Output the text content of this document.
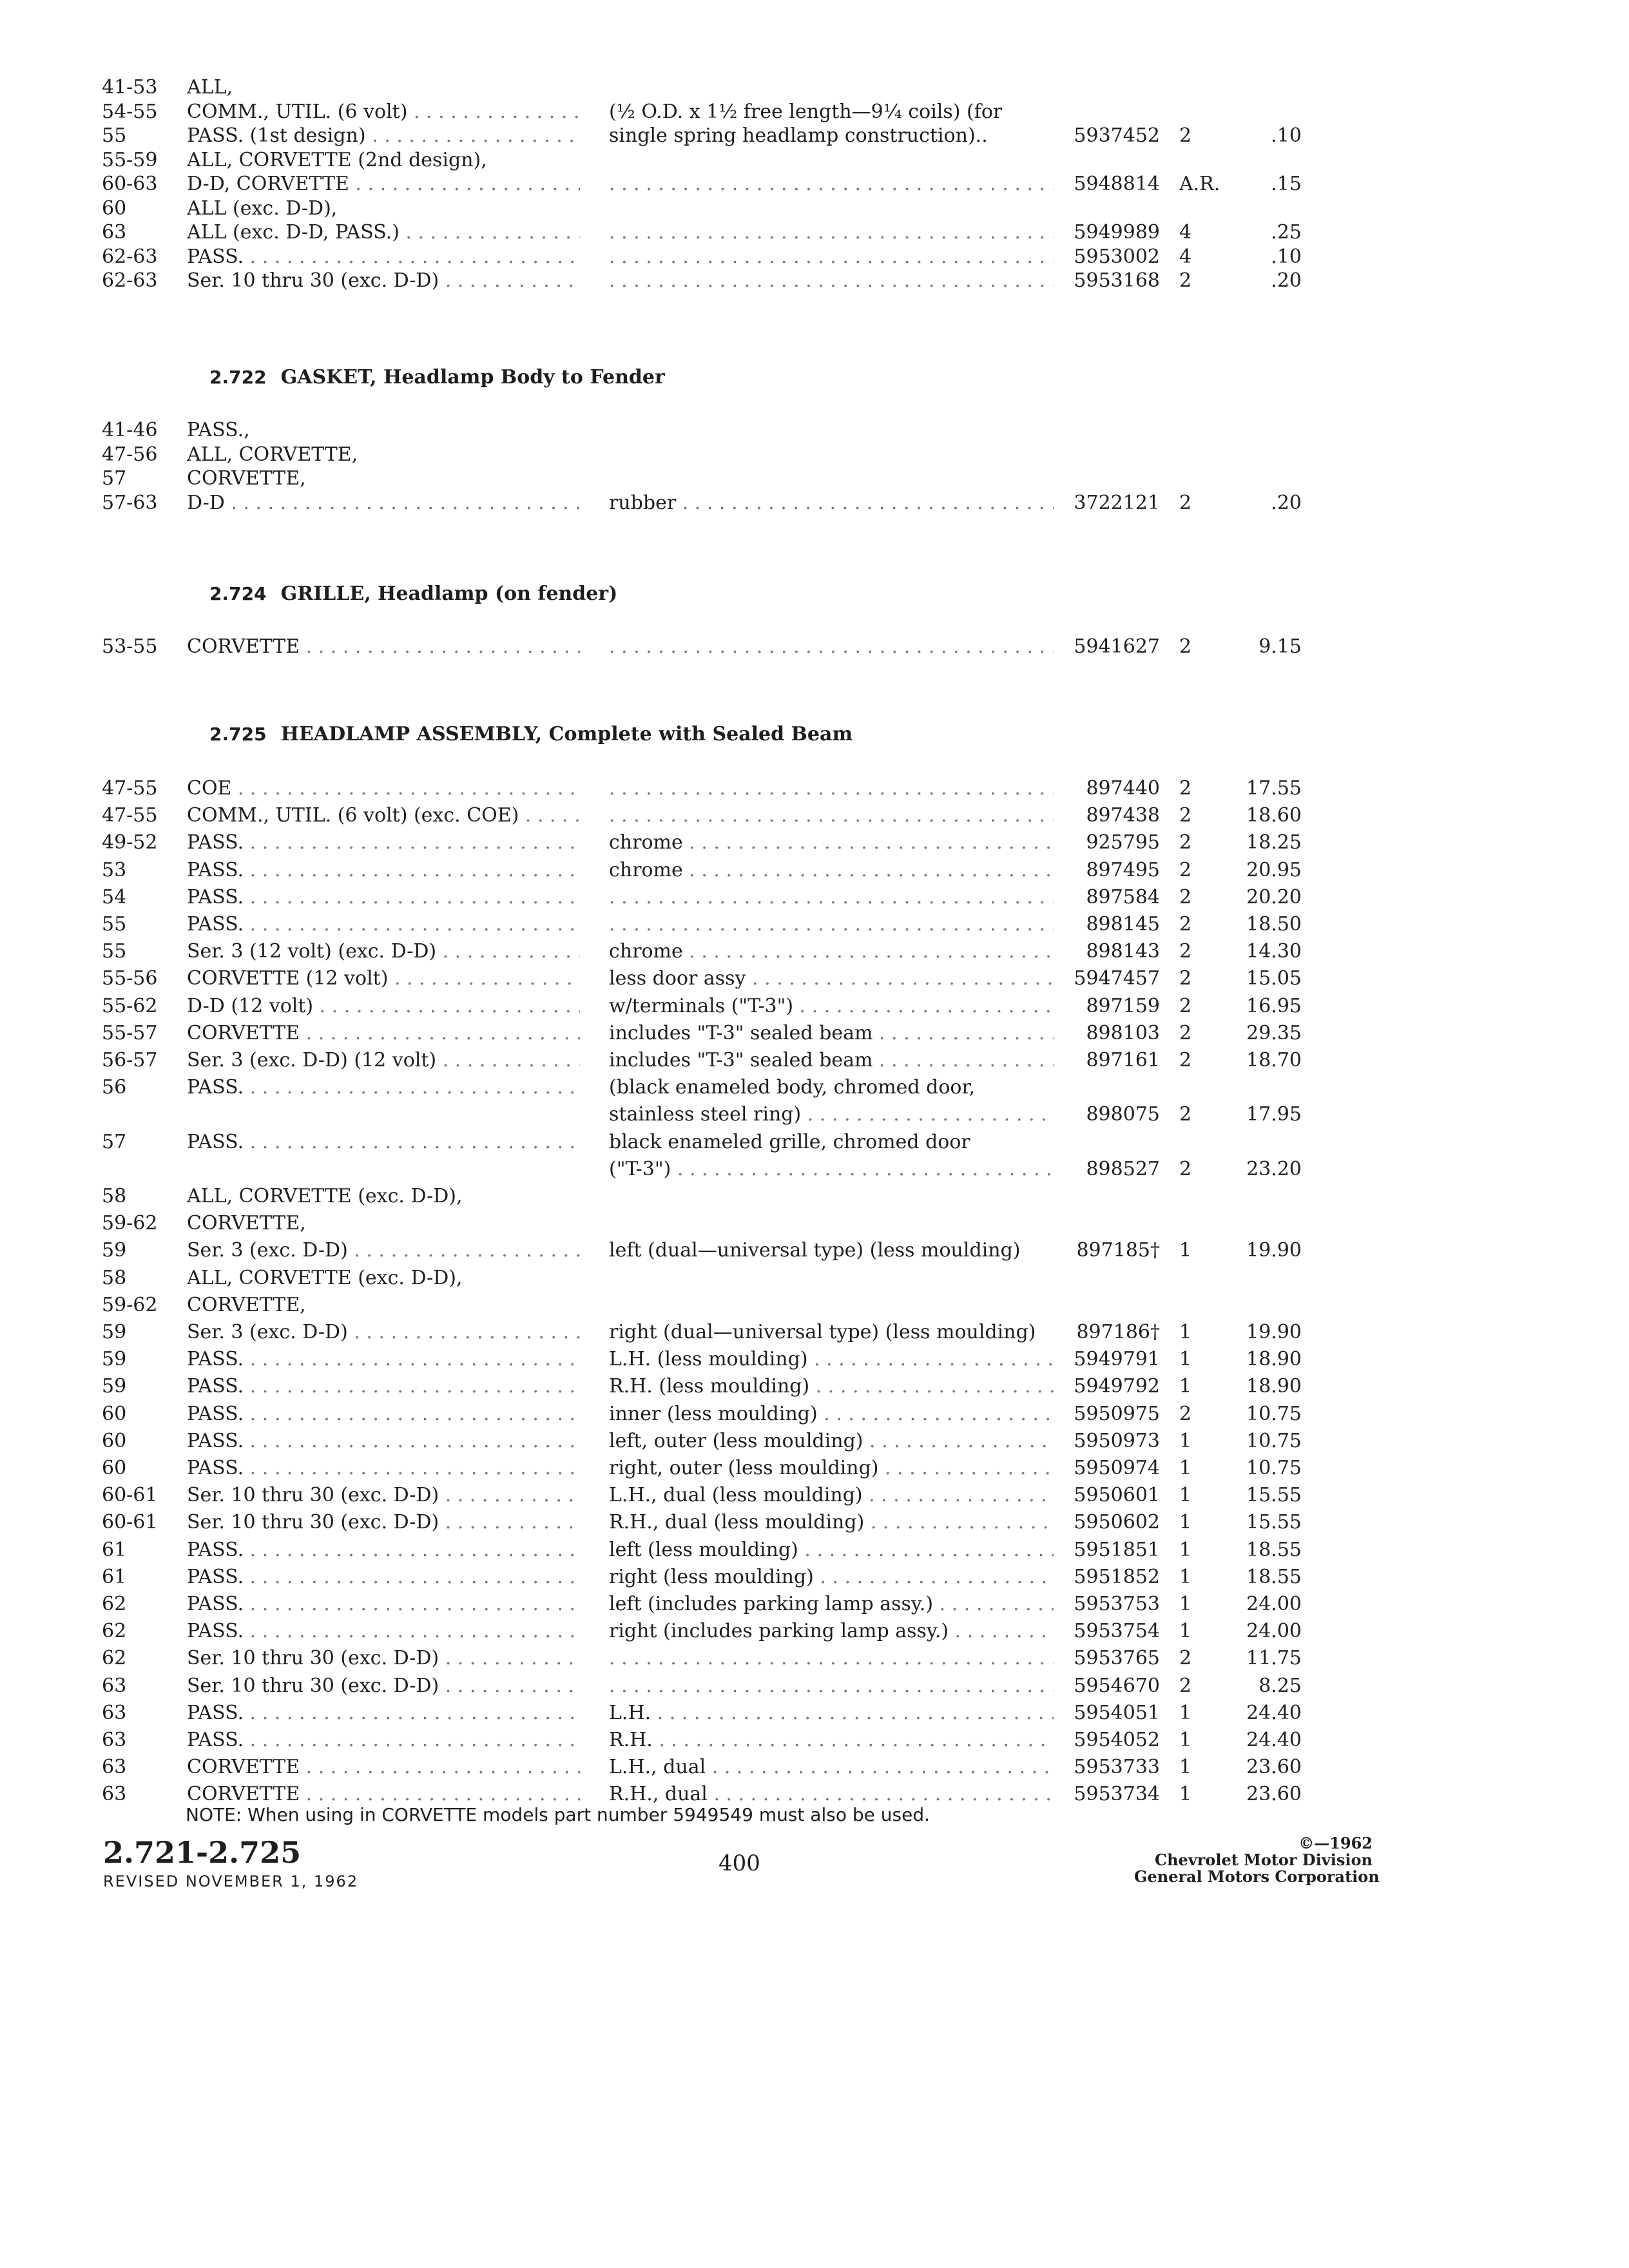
41-53	ALL,
54-55	COMM., UTIL. (6 volt) . . .	(½ O.D. x 1½ free length—9¼ coils) (for
55	PASS. (1st design) . . .	single spring headlamp construction)..	5937452 2	.10
55-59	ALL, CORVETTE (2nd design),
60-63	D-D, CORVETTE . . . . . .	5948814 A.R.	.15
60	ALL (exc. D-D),
63	ALL (exc. D-D, PASS.) . . . . . .	5949989 4	.25
62-63	PASS. . . . . . .	5953002 4	.10
62-63	Ser. 10 thru 30 (exc. D-D) . . . . . .	5953168 2	.20
2.722 GASKET, Headlamp Body to Fender
41-46	PASS.,
47-56	ALL, CORVETTE,
57	CORVETTE,
57-63	D-D . . .	rubber . . .	3722121 2	.20
2.724 GRILLE, Headlamp (on fender)
53-55	CORVETTE . . . . . .	5941627 2	9.15
2.725 HEADLAMP ASSEMBLY, Complete with Sealed Beam
47-55	COE . . . . . .	897440 2	17.55
47-55	COMM., UTIL. (6 volt) (exc. COE) . . . . . .	897438 2	18.60
49-52	PASS. . . .	chrome . . .	925795 2	18.25
53	PASS. . . .	chrome . . .	897495 2	20.95
54	PASS. . . . . . .	897584 2	20.20
55	PASS. . . . . . .	898145 2	18.50
55	Ser. 3 (12 volt) (exc. D-D) . . .	chrome . . .	898143 2	14.30
55-56	CORVETTE (12 volt) . . .	less door assy . . .	5947457 2	15.05
55-62	D-D (12 volt) . . .	w/terminals ("T-3") . . .	897159 2	16.95
55-57	CORVETTE . . .	includes "T-3" sealed beam . . .	898103 2	29.35
56-57	Ser. 3 (exc. D-D) (12 volt) . . .	includes "T-3" sealed beam . . .	897161 2	18.70
56	PASS. . . .	(black enameled body, chromed door,
stainless steel ring) . . .	898075 2	17.95
57	PASS. . . .	black enameled grille, chromed door
("T-3") . . .	898527 2	23.20
58	ALL, CORVETTE (exc. D-D),
59-62	CORVETTE,
59	Ser. 3 (exc. D-D) . . .	left (dual—universal type) (less moulding)	897185† 1	19.90
58	ALL, CORVETTE (exc. D-D),
59-62	CORVETTE,
59	Ser. 3 (exc. D-D) . . .	right (dual—universal type) (less moulding)	897186† 1	19.90
59	PASS. . . .	L.H. (less moulding) . . .	5949791 1	18.90
59	PASS. . . .	R.H. (less moulding) . . .	5949792 1	18.90
60	PASS. . . .	inner (less moulding) . . .	5950975 2	10.75
60	PASS. . . .	left, outer (less moulding) . . .	5950973 1	10.75
60	PASS. . . .	right, outer (less moulding) . . .	5950974 1	10.75
60-61	Ser. 10 thru 30 (exc. D-D) . . .	L.H., dual (less moulding) . . .	5950601 1	15.55
60-61	Ser. 10 thru 30 (exc. D-D) . . .	R.H., dual (less moulding) . . .	5950602 1	15.55
61	PASS. . . .	left (less moulding) . . .	5951851 1	18.55
61	PASS. . . .	right (less moulding) . . .	5951852 1	18.55
62	PASS. . . .	left (includes parking lamp assy.) . . .	5953753 1	24.00
62	PASS. . . .	right (includes parking lamp assy.) . . .	5953754 1	24.00
62	Ser. 10 thru 30 (exc. D-D) . . . . . .	5953765 2	11.75
63	Ser. 10 thru 30 (exc. D-D) . . . . . .	5954670 2	8.25
63	PASS. . . .	L.H. . . .	5954051 1	24.40
63	PASS. . . .	R.H. . . .	5954052 1	24.40
63	CORVETTE . . .	L.H., dual . . .	5953733 1	23.60
63	CORVETTE . . .	R.H., dual . . .	5953734 1	23.60
NOTE: When using in CORVETTE models part number 5949549 must also be used.
2.721-2.725
REVISED NOVEMBER 1, 1962
400
©—1962
Chevrolet Motor Division
General Motors Corporation
